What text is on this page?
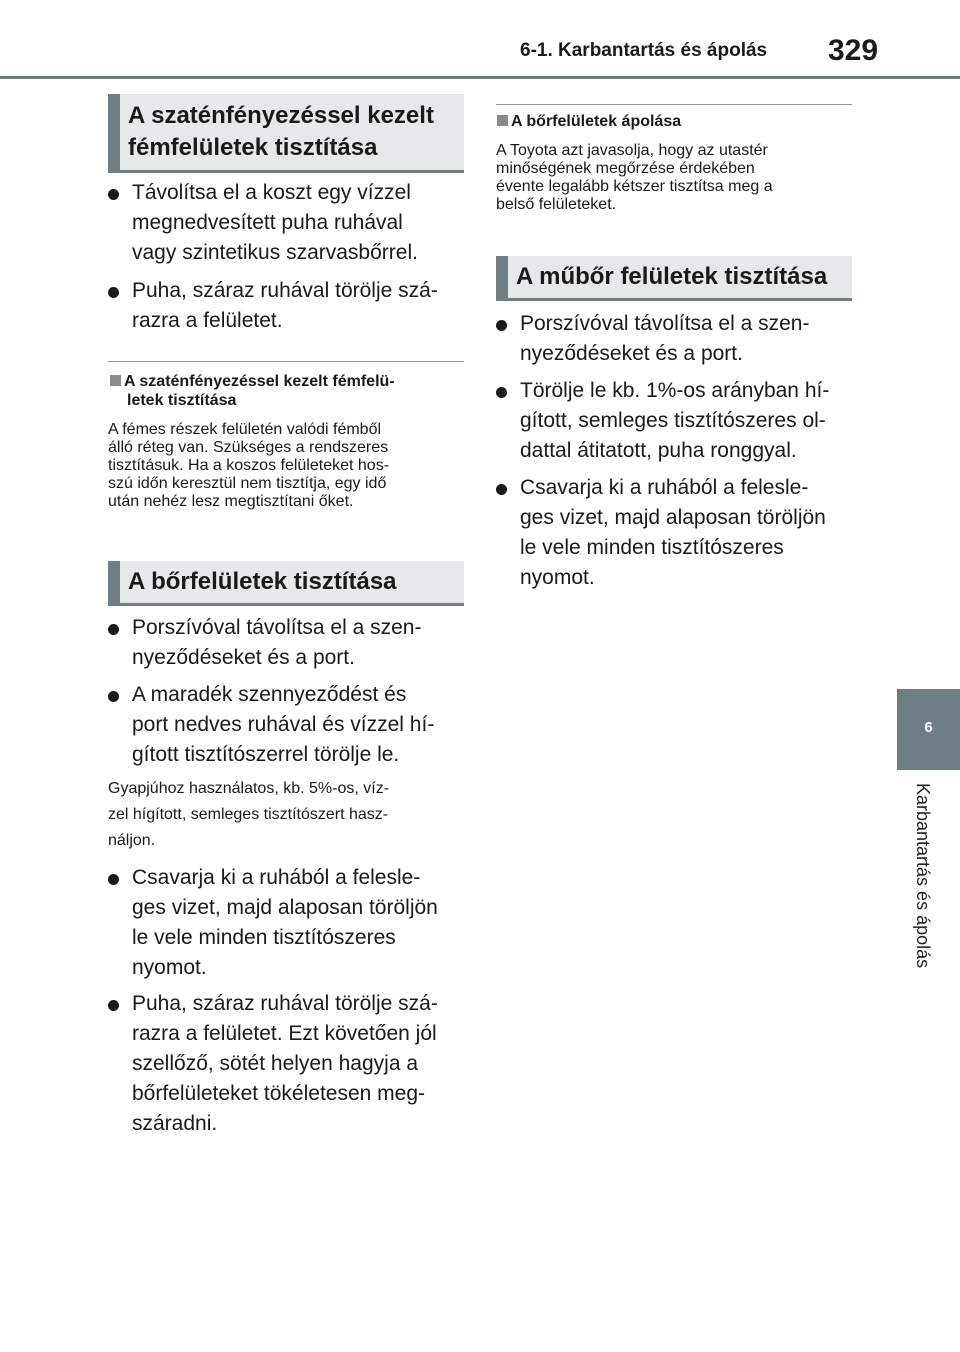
6-1. Karbantartás és ápolás 329
6
Karbantartás és ápolás
A szaténfényezéssel kezelt
fémfelületek tisztítása
Távolítsa el a koszt egy vízzel
megnedvesített puha ruhával
vagy szintetikus szarvasbőrrel.
Puha, száraz ruhával törölje szá-
razra a felületet.
A szaténfényezéssel kezelt fémfelü-
letek tisztítása
A fémes részek felületén valódi fémből
álló réteg van. Szükséges a rendszeres
tisztításuk. Ha a koszos felületeket hos-
szú időn keresztül nem tisztítja, egy idő
után nehéz lesz megtisztítani őket.
A bőrfelületek tisztítása
Porszívóval távolítsa el a szen-
nyeződéseket és a port.
A maradék szennyeződést és
port nedves ruhával és vízzel hí-
gított tisztítószerrel törölje le.
Gyapjúhoz használatos, kb. 5%-os, víz-
zel hígított, semleges tisztítószert hasz-
náljon.
Csavarja ki a ruhából a felesle-
ges vizet, majd alaposan töröljön
le vele minden tisztítószeres
nyomot.
Puha, száraz ruhával törölje szá-
razra a felületet. Ezt követően jól
szellőző, sötét helyen hagyja a
bőrfelületeket tökéletesen meg-
száradni.
A bőrfelületek ápolása
A Toyota azt javasolja, hogy az utastér
minőségének megőrzése érdekében
évente legalább kétszer tisztítsa meg a
belső felületeket.
A műbőr felületek tisztítása
Porszívóval távolítsa el a szen-
nyeződéseket és a port.
Törölje le kb. 1%-os arányban hí-
gított, semleges tisztítószeres ol-
dattal átitatott, puha ronggyal.
Csavarja ki a ruhából a felesle-
ges vizet, majd alaposan töröljön
le vele minden tisztítószeres
nyomot.
